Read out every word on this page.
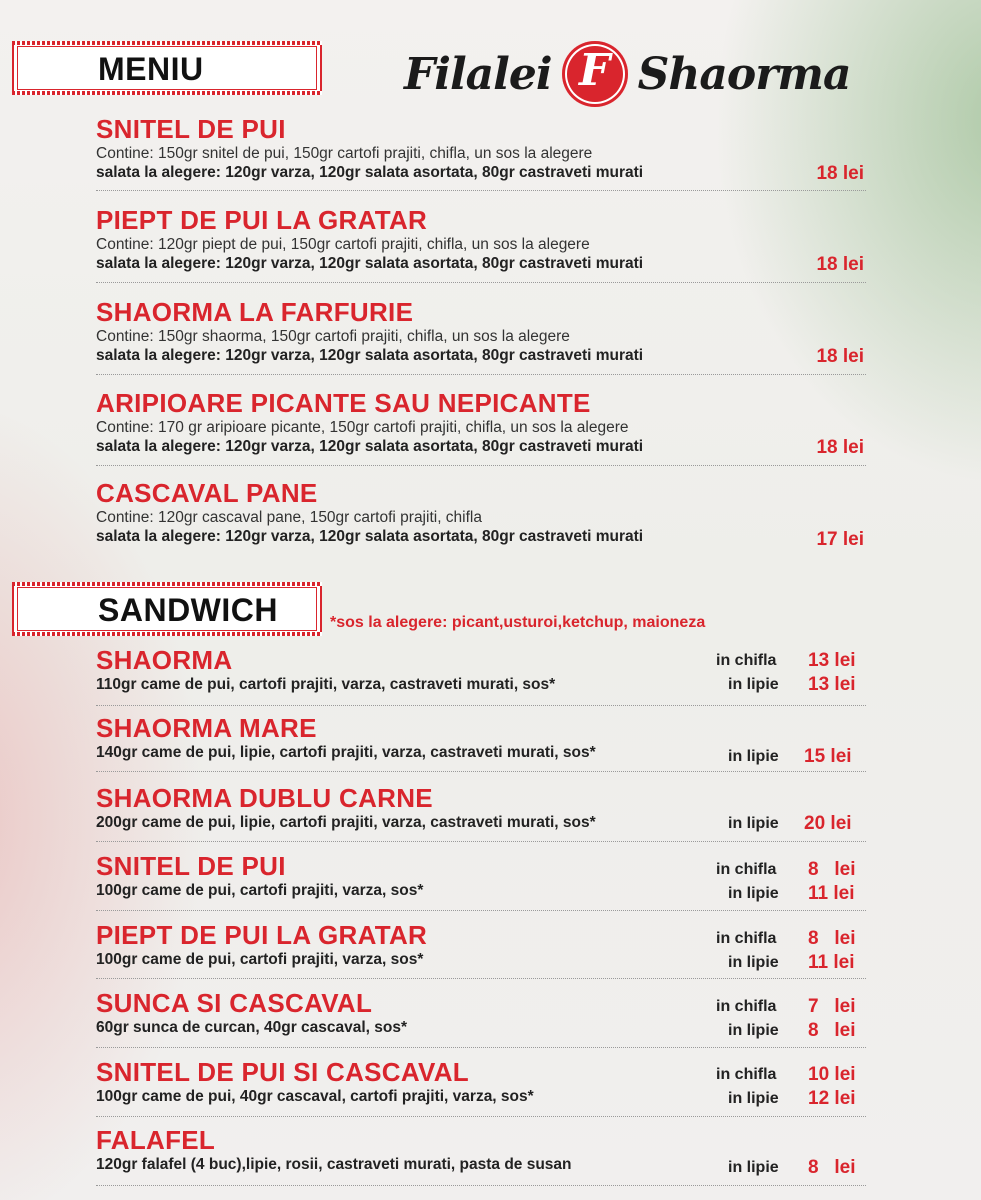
Filalei F Shaorma
MENIU
SNITEL DE PUI
Contine: 150gr snitel de pui, 150gr cartofi prajiti, chifla, un sos la alegere
salata la alegere: 120gr varza, 120gr salata asortata, 80gr castraveti murati	18 lei
PIEPT DE PUI LA GRATAR
Contine: 120gr piept de pui, 150gr cartofi prajiti, chifla, un sos la alegere
salata la alegere: 120gr varza, 120gr salata asortata, 80gr castraveti murati	18 lei
SHAORMA LA FARFURIE
Contine: 150gr shaorma, 150gr cartofi prajiti, chifla, un sos la alegere
salata la alegere: 120gr varza, 120gr salata asortata, 80gr castraveti murati	18 lei
ARIPIOARE PICANTE SAU NEPICANTE
Contine: 170 gr aripioare picante, 150gr cartofi prajiti, chifla, un sos la alegere
salata la alegere: 120gr varza, 120gr salata asortata, 80gr castraveti murati	18 lei
CASCAVAL PANE
Contine: 120gr cascaval pane, 150gr cartofi prajiti, chifla
salata la alegere: 120gr varza, 120gr salata asortata, 80gr castraveti murati	17 lei
SANDWICH	*sos la alegere: picant,usturoi,ketchup, maioneza
SHAORMA
110gr came de pui, cartofi prajiti, varza, castraveti murati, sos*
in chifla 13 lei
in lipie 13 lei
SHAORMA MARE
140gr came de pui, lipie, cartofi prajiti, varza, castraveti murati, sos*	in lipie 15 lei
SHAORMA DUBLU CARNE
200gr came de pui, lipie, cartofi prajiti, varza, castraveti murati, sos*	in lipie 20 lei
SNITEL DE PUI
100gr came de pui, cartofi prajiti, varza, sos*
in chifla 8   lei
in lipie 11 lei
PIEPT DE PUI LA GRATAR
100gr came de pui, cartofi prajiti, varza, sos*
in chifla 8   lei
in lipie 11 lei
SUNCA SI CASCAVAL
60gr sunca de curcan, 40gr cascaval, sos*
in chifla 7   lei
in lipie 8   lei
SNITEL DE PUI SI CASCAVAL
100gr came de pui, 40gr cascaval, cartofi prajiti, varza, sos*
in chifla 10 lei
in lipie 12 lei
FALAFEL
120gr falafel (4 buc),lipie, rosii, castraveti murati, pasta de susan	in lipie 8   lei
